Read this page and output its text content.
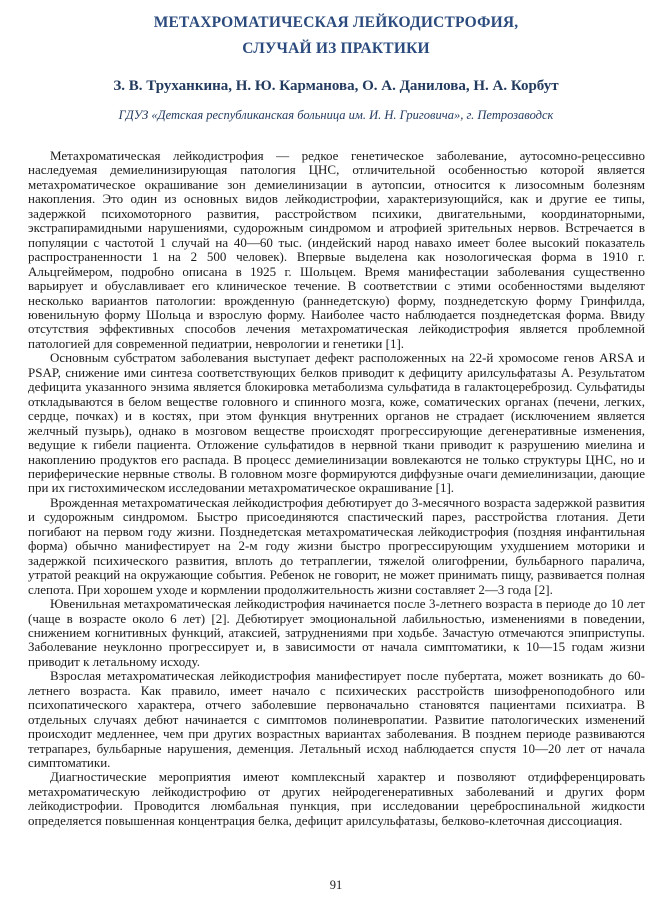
МЕТАХРОМАТИЧЕСКАЯ ЛЕЙКОДИСТРОФИЯ,
СЛУЧАЙ ИЗ ПРАКТИКИ
З. В. Труханкина, Н. Ю. Карманова, О. А. Данилова, Н. А. Корбут
ГДУЗ «Детская республиканская больница им. И. Н. Григовича», г. Петрозаводск

Метахроматическая лейкодистрофия — редкое генетическое заболевание, аутосомно-рецессивно наследуемая демиелинизирующая патология ЦНС, отличительной особенностью которой является метахроматическое окрашивание зон демиелинизации в аутопсии, относится к лизосомным болезням накопления. Это один из основных видов лейкодистрофии, характеризующийся, как и другие ее типы, задержкой психомоторного развития, расстройством психики, двигательными, координаторными, экстрапирамидными нарушениями, судорожным синдромом и атрофией зрительных нервов. Встречается в популяции с частотой 1 случай на 40—60 тыс. (индейский народ навахо имеет более высокий показатель распространенности 1 на 2 500 человек). Впервые выделена как нозологическая форма в 1910 г. Альцгеймером, подробно описана в 1925 г. Шольцем. Время манифестации заболевания существенно варьирует и обуславливает его клиническое течение. В соответствии с этими особенностями выделяют несколько вариантов патологии: врожденную (раннедетскую) форму, позднедетскую форму Гринфилда, ювенильную форму Шольца и взрослую форму. Наиболее часто наблюдается позднедетская форма. Ввиду отсутствия эффективных способов лечения метахроматическая лейкодистрофия является проблемной патологией для современной педиатрии, неврологии и генетики [1].

Основным субстратом заболевания выступает дефект расположенных на 22-й хромосоме генов ARSA и PSAP, снижение ими синтеза соответствующих белков приводит к дефициту арилсульфатазы А. Результатом дефицита указанного энзима является блокировка метаболизма сульфатида в галактоцереброзид. Сульфатиды откладываются в белом веществе головного и спинного мозга, коже, соматических органах (печени, легких, сердце, почках) и в костях, при этом функция внутренних органов не страдает (исключением является желчный пузырь), однако в мозговом веществе происходят прогрессирующие дегенеративные изменения, ведущие к гибели пациента. Отложение сульфатидов в нервной ткани приводит к разрушению миелина и накоплению продуктов его распада. В процесс демиелинизации вовлекаются не только структуры ЦНС, но и периферические нервные стволы. В головном мозге формируются диффузные очаги демиелинизации, дающие при их гистохимическом исследовании метахроматическое окрашивание [1].

Врожденная метахроматическая лейкодистрофия дебютирует до 3-месячного возраста задержкой развития и судорожным синдромом. Быстро присоединяются спастический парез, расстройства глотания. Дети погибают на первом году жизни. Позднедетская метахроматическая лейкодистрофия (поздняя инфантильная форма) обычно манифестирует на 2-м году жизни быстро прогрессирующим ухудшением моторики и задержкой психического развития, вплоть до тетраплегии, тяжелой олигофрении, бульбарного паралича, утратой реакций на окружающие события. Ребенок не говорит, не может принимать пищу, развивается полная слепота. При хорошем уходе и кормлении продолжительность жизни составляет 2—3 года [2].

Ювенильная метахроматическая лейкодистрофия начинается после 3-летнего возраста в периоде до 10 лет (чаще в возрасте около 6 лет) [2]. Дебютирует эмоциональной лабильностью, изменениями в поведении, снижением когнитивных функций, атаксией, затруднениями при ходьбе. Зачастую отмечаются эпиприступы. Заболевание неуклонно прогрессирует и, в зависимости от начала симптоматики, к 10—15 годам жизни приводит к летальному исходу.

Взрослая метахроматическая лейкодистрофия манифестирует после пубертата, может возникать до 60-летнего возраста. Как правило, имеет начало с психических расстройств шизофреноподобного или психопатического характера, отчего заболевшие первоначально становятся пациентами психиатра. В отдельных случаях дебют начинается с симптомов полиневропатии. Развитие патологических изменений происходит медленнее, чем при других возрастных вариантах заболевания. В позднем периоде развиваются тетрапарез, бульбарные нарушения, деменция. Летальный исход наблюдается спустя 10—20 лет от начала симптоматики.

Диагностические мероприятия имеют комплексный характер и позволяют отдифференцировать метахроматическую лейкодистрофию от других нейродегенеративных заболеваний и других форм лейкодистрофии. Проводится люмбальная пункция, при исследовании цереброспинальной жидкости определяется повышенная концентрация белка, дефицит арилсульфатазы, белково-клеточная диссоциация.

91
